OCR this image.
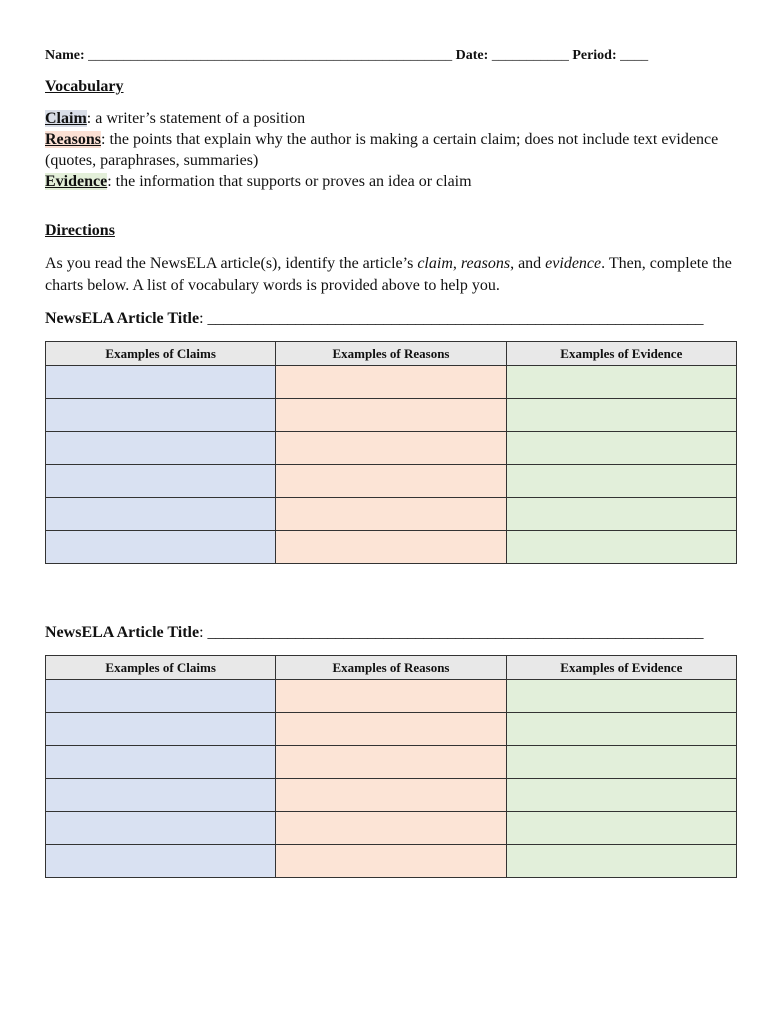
Name: ____________________________________________________ Date: ___________ Period: ____
Vocabulary
Claim: a writer’s statement of a position
Reasons: the points that explain why the author is making a certain claim; does not include text evidence (quotes, paraphrases, summaries)
Evidence: the information that supports or proves an idea or claim
Directions
As you read the NewsELA article(s), identify the article’s claim, reasons, and evidence. Then, complete the charts below. A list of vocabulary words is provided above to help you.
NewsELA Article Title: ______________________________________________________________
Examples of Claims	Examples of Reasons	Examples of Evidence

NewsELA Article Title: ______________________________________________________________
Examples of Claims	Examples of Reasons	Examples of Evidence
